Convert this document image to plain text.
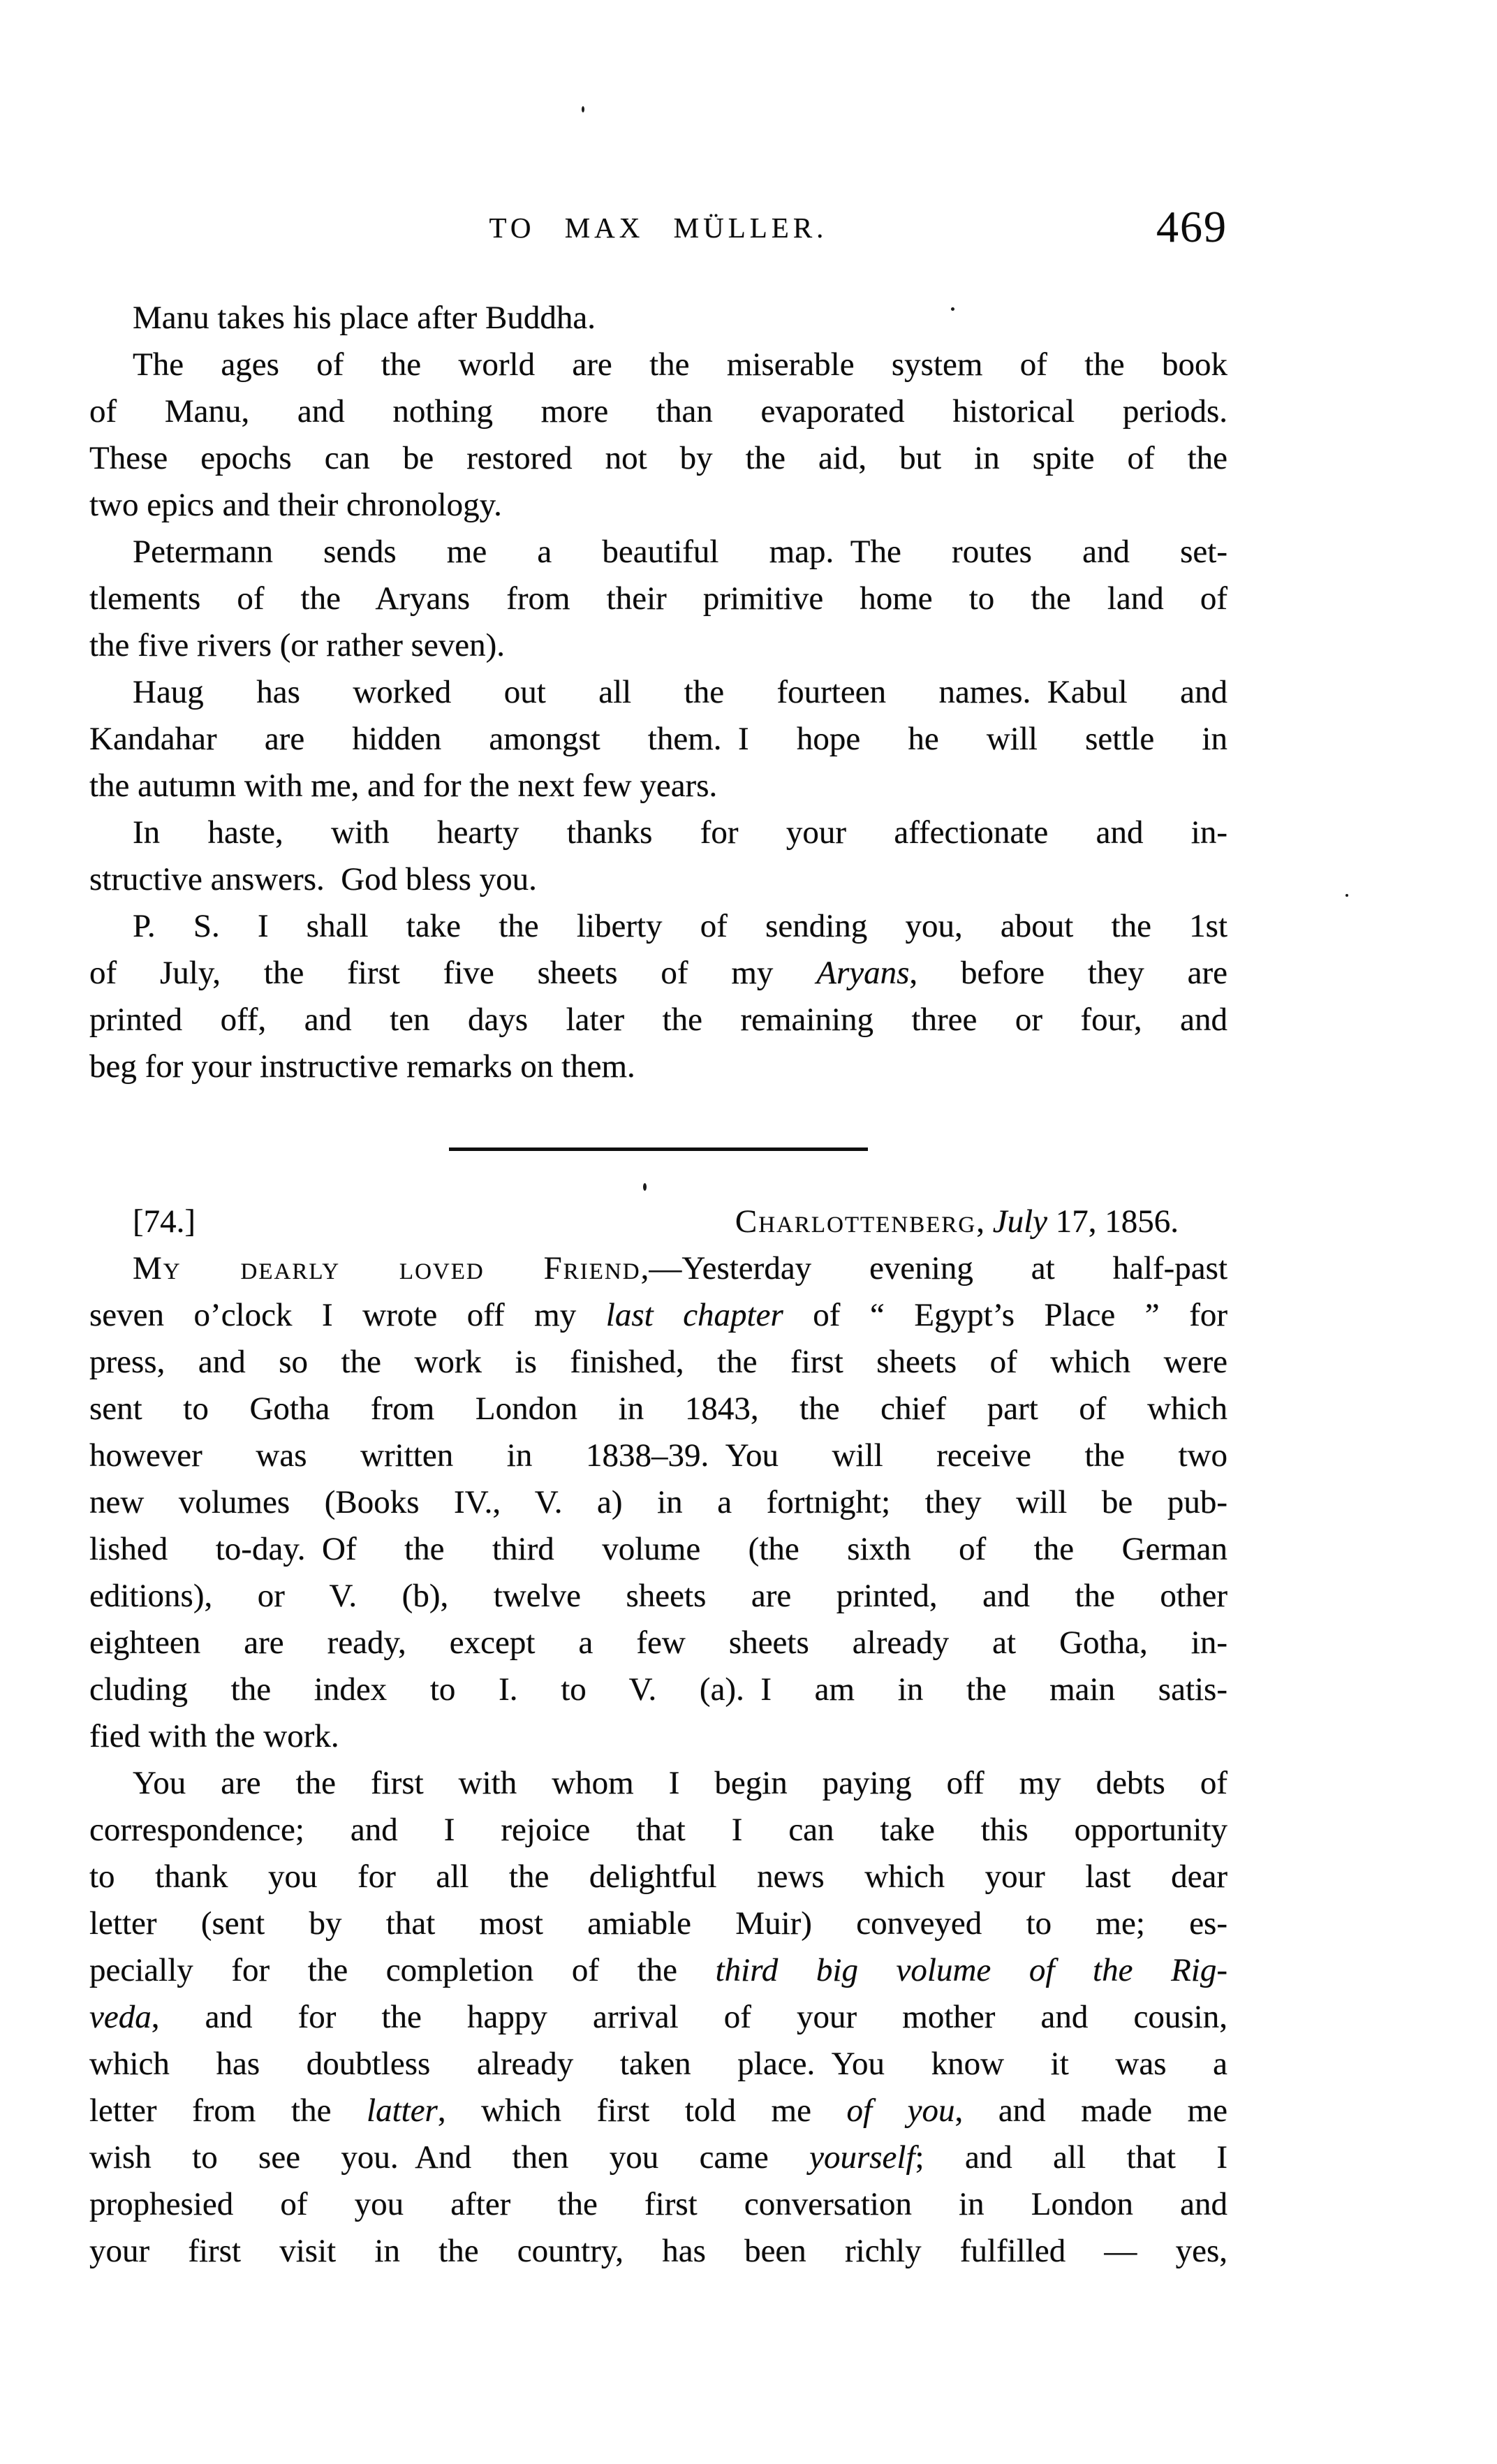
TO MAX MÜLLER.	469
Manu takes his place after Buddha.
The ages of the world are the miserable system of the book
of Manu, and nothing more than evaporated historical periods.
These epochs can be restored not by the aid, but in spite of the
two epics and their chronology.
Petermann sends me a beautiful map. The routes and set-
tlements of the Aryans from their primitive home to the land of
the five rivers (or rather seven).
Haug has worked out all the fourteen names. Kabul and
Kandahar are hidden amongst them. I hope he will settle in
the autumn with me, and for the next few years.
In haste, with hearty thanks for your affectionate and in-
structive answers. God bless you.
P. S. I shall take the liberty of sending you, about the 1st
of July, the first five sheets of my Aryans, before they are
printed off, and ten days later the remaining three or four, and
beg for your instructive remarks on them.
[74.]	Charlottenberg, July 17, 1856.
My dearly loved Friend,—Yesterday evening at half-past
seven o’clock I wrote off my last chapter of “ Egypt’s Place ” for
press, and so the work is finished, the first sheets of which were
sent to Gotha from London in 1843, the chief part of which
however was written in 1838–39. You will receive the two
new volumes (Books IV., V. a) in a fortnight; they will be pub-
lished to-day. Of the third volume (the sixth of the German
editions), or V. (b), twelve sheets are printed, and the other
eighteen are ready, except a few sheets already at Gotha, in-
cluding the index to I. to V. (a). I am in the main satis-
fied with the work.
You are the first with whom I begin paying off my debts of
correspondence; and I rejoice that I can take this opportunity
to thank you for all the delightful news which your last dear
letter (sent by that most amiable Muir) conveyed to me; es-
pecially for the completion of the third big volume of the Rig-
veda, and for the happy arrival of your mother and cousin,
which has doubtless already taken place. You know it was a
letter from the latter, which first told me of you, and made me
wish to see you. And then you came yourself; and all that I
prophesied of you after the first conversation in London and
your first visit in the country, has been richly fulfilled — yes,
